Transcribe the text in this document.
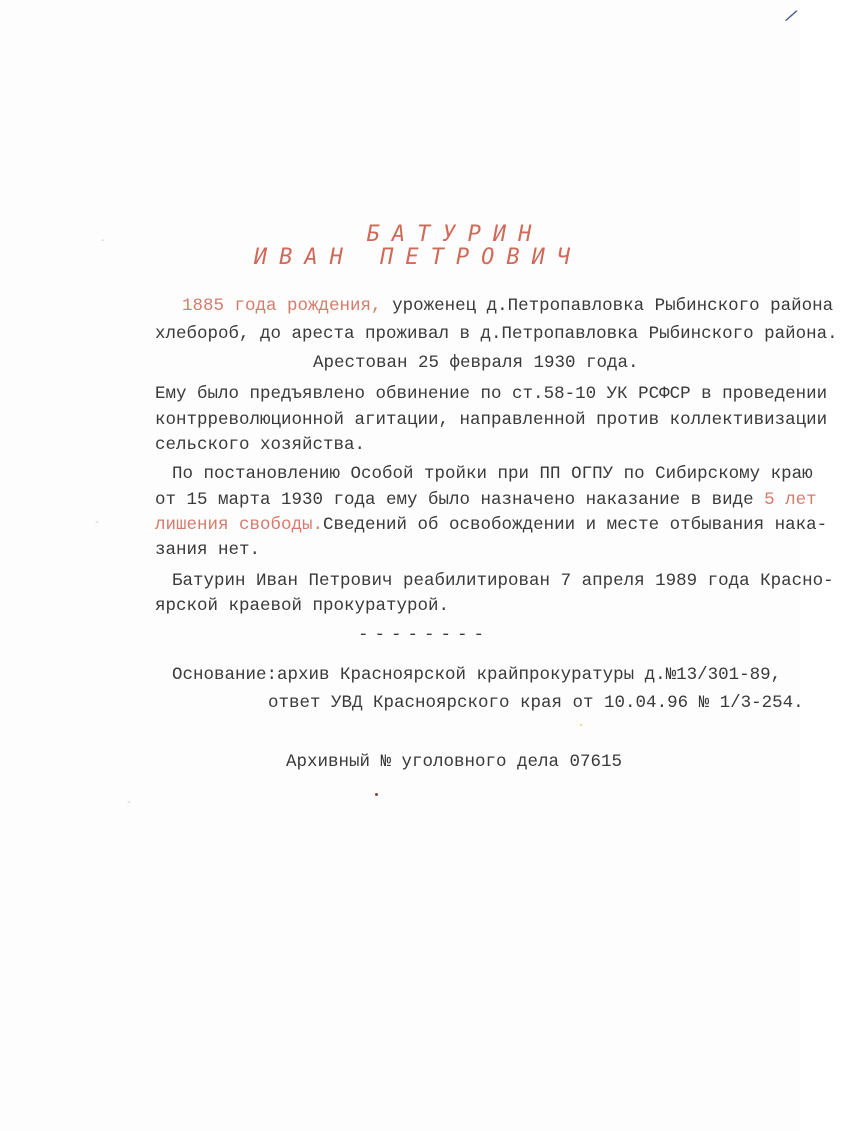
/
БАТУРИН
ИВАН ПЕТРОВИЧ
1885 года рождения, уроженец д.Петропавловка Рыбинского района
хлебороб, до ареста проживал в д.Петропавловка Рыбинского района.
Арестован 25 февраля 1930 года.
Ему было предъявлено обвинение по ст.58-10 УК РСФСР в проведении
контрреволюционной агитации, направленной против коллективизации
сельского хозяйства.
По постановлению Особой тройки при ПП ОГПУ по Сибирскому краю
от 15 марта 1930 года ему было назначено наказание в виде 5 лет
лишения свободы.Сведений об освобождении и месте отбывания нака-
зания нет.
Батурин Иван Петрович реабилитирован 7 апреля 1989 года Красно-
ярской краевой прокуратурой.
--------
Основание:архив Красноярской крайпрокуратуры д.№13/301-89,
ответ УВД Красноярского края от 10.04.96 № 1/3-254.
Архивный № уголовного дела 07615
‐
‐
‐
